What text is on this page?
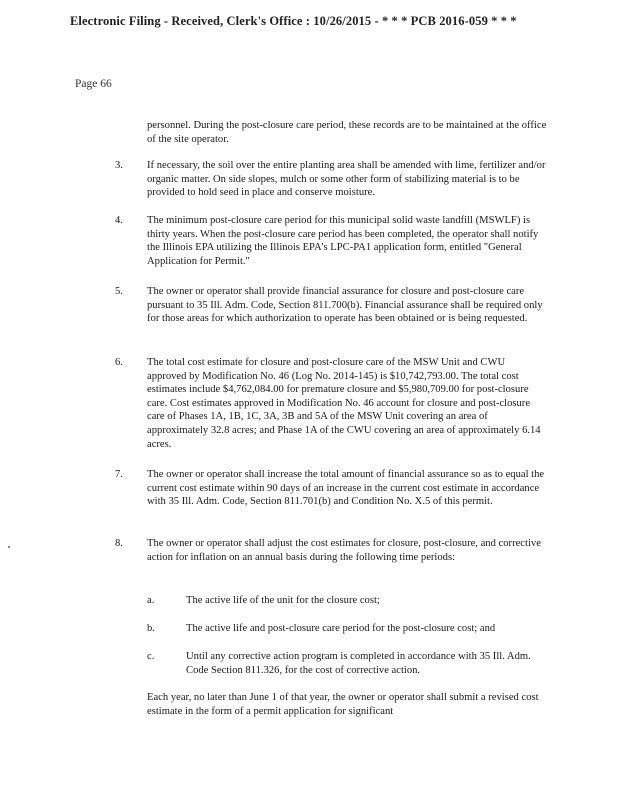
Electronic Filing - Received, Clerk's Office : 10/26/2015 - * * * PCB 2016-059 * * *
Page 66
personnel. During the post-closure care period, these records are to be maintained at the office of the site operator.
3.	If necessary, the soil over the entire planting area shall be amended with lime, fertilizer and/or organic matter. On side slopes, mulch or some other form of stabilizing material is to be provided to hold seed in place and conserve moisture.
4.	The minimum post-closure care period for this municipal solid waste landfill (MSWLF) is thirty years. When the post-closure care period has been completed, the operator shall notify the Illinois EPA utilizing the Illinois EPA's LPC-PA1 application form, entitled "General Application for Permit."
5.	The owner or operator shall provide financial assurance for closure and post-closure care pursuant to 35 Ill. Adm. Code, Section 811.700(b). Financial assurance shall be required only for those areas for which authorization to operate has been obtained or is being requested.
6.	The total cost estimate for closure and post-closure care of the MSW Unit and CWU approved by Modification No. 46 (Log No. 2014-145) is $10,742,793.00. The total cost estimates include $4,762,084.00 for premature closure and $5,980,709.00 for post-closure care. Cost estimates approved in Modification No. 46 account for closure and post-closure care of Phases 1A, 1B, 1C, 3A, 3B and 5A of the MSW Unit covering an area of approximately 32.8 acres; and Phase 1A of the CWU covering an area of approximately 6.14 acres.
7.	The owner or operator shall increase the total amount of financial assurance so as to equal the current cost estimate within 90 days of an increase in the current cost estimate in accordance with 35 Ill. Adm. Code, Section 811.701(b) and Condition No. X.5 of this permit.
8.	The owner or operator shall adjust the cost estimates for closure, post-closure, and corrective action for inflation on an annual basis during the following time periods:
a.	The active life of the unit for the closure cost;
b.	The active life and post-closure care period for the post-closure cost; and
c.	Until any corrective action program is completed in accordance with 35 Ill. Adm. Code Section 811.326, for the cost of corrective action.
Each year, no later than June 1 of that year, the owner or operator shall submit a revised cost estimate in the form of a permit application for significant
